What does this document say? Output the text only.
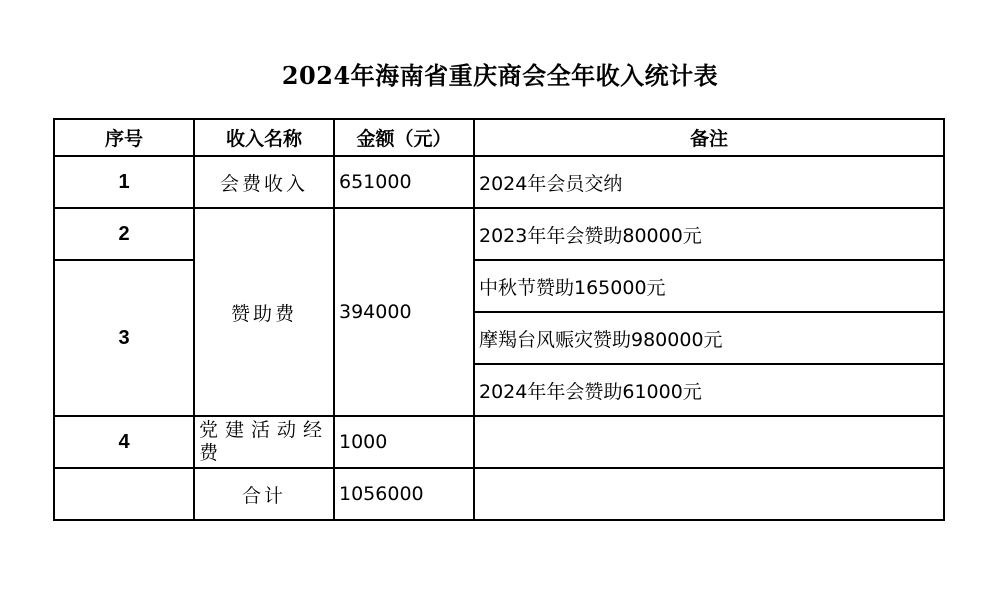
2024年海南省重庆商会全年收入统计表
序号	收入名称	金额（元）	备注
1	会费收入	651000	2024年会员交纳
2	赞助费	394000	2023年年会赞助80000元
3			中秋节赞助165000元
			摩羯台风赈灾赞助980000元
			2024年年会赞助61000元
4	党建活动经费	1000	
	合计	1056000	
